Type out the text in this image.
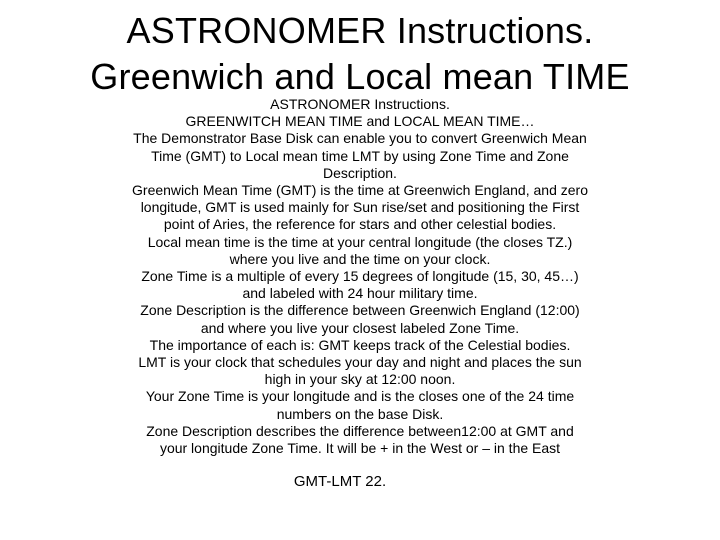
ASTRONOMER Instructions.
Greenwich and Local mean TIME
ASTRONOMER Instructions.
GREENWITCH MEAN TIME and LOCAL MEAN TIME…
The Demonstrator Base Disk can enable you to convert Greenwich Mean
Time (GMT) to Local mean time LMT by using Zone Time and Zone
Description.
Greenwich Mean Time (GMT) is the time at Greenwich England, and zero
longitude, GMT is used mainly for Sun rise/set and positioning the First
point of Aries, the reference for stars and other celestial bodies.
Local mean time is the time at your central longitude (the closes TZ.)
where you live and the time on your clock.
Zone Time is a multiple of every 15 degrees of longitude (15, 30, 45…)
and labeled with 24 hour military time.
Zone Description is the difference between Greenwich England (12:00)
and where you live your closest labeled Zone Time.
The importance of each is: GMT keeps track of the Celestial bodies.
LMT is your clock that schedules your day and night and places the sun
high in your sky at 12:00 noon.
Your Zone Time is your longitude and is the closes one of the 24 time
numbers on the base Disk.
Zone Description describes the difference between12:00 at GMT and
your longitude Zone Time. It will be + in the West or – in the East
GMT-LMT 22.
